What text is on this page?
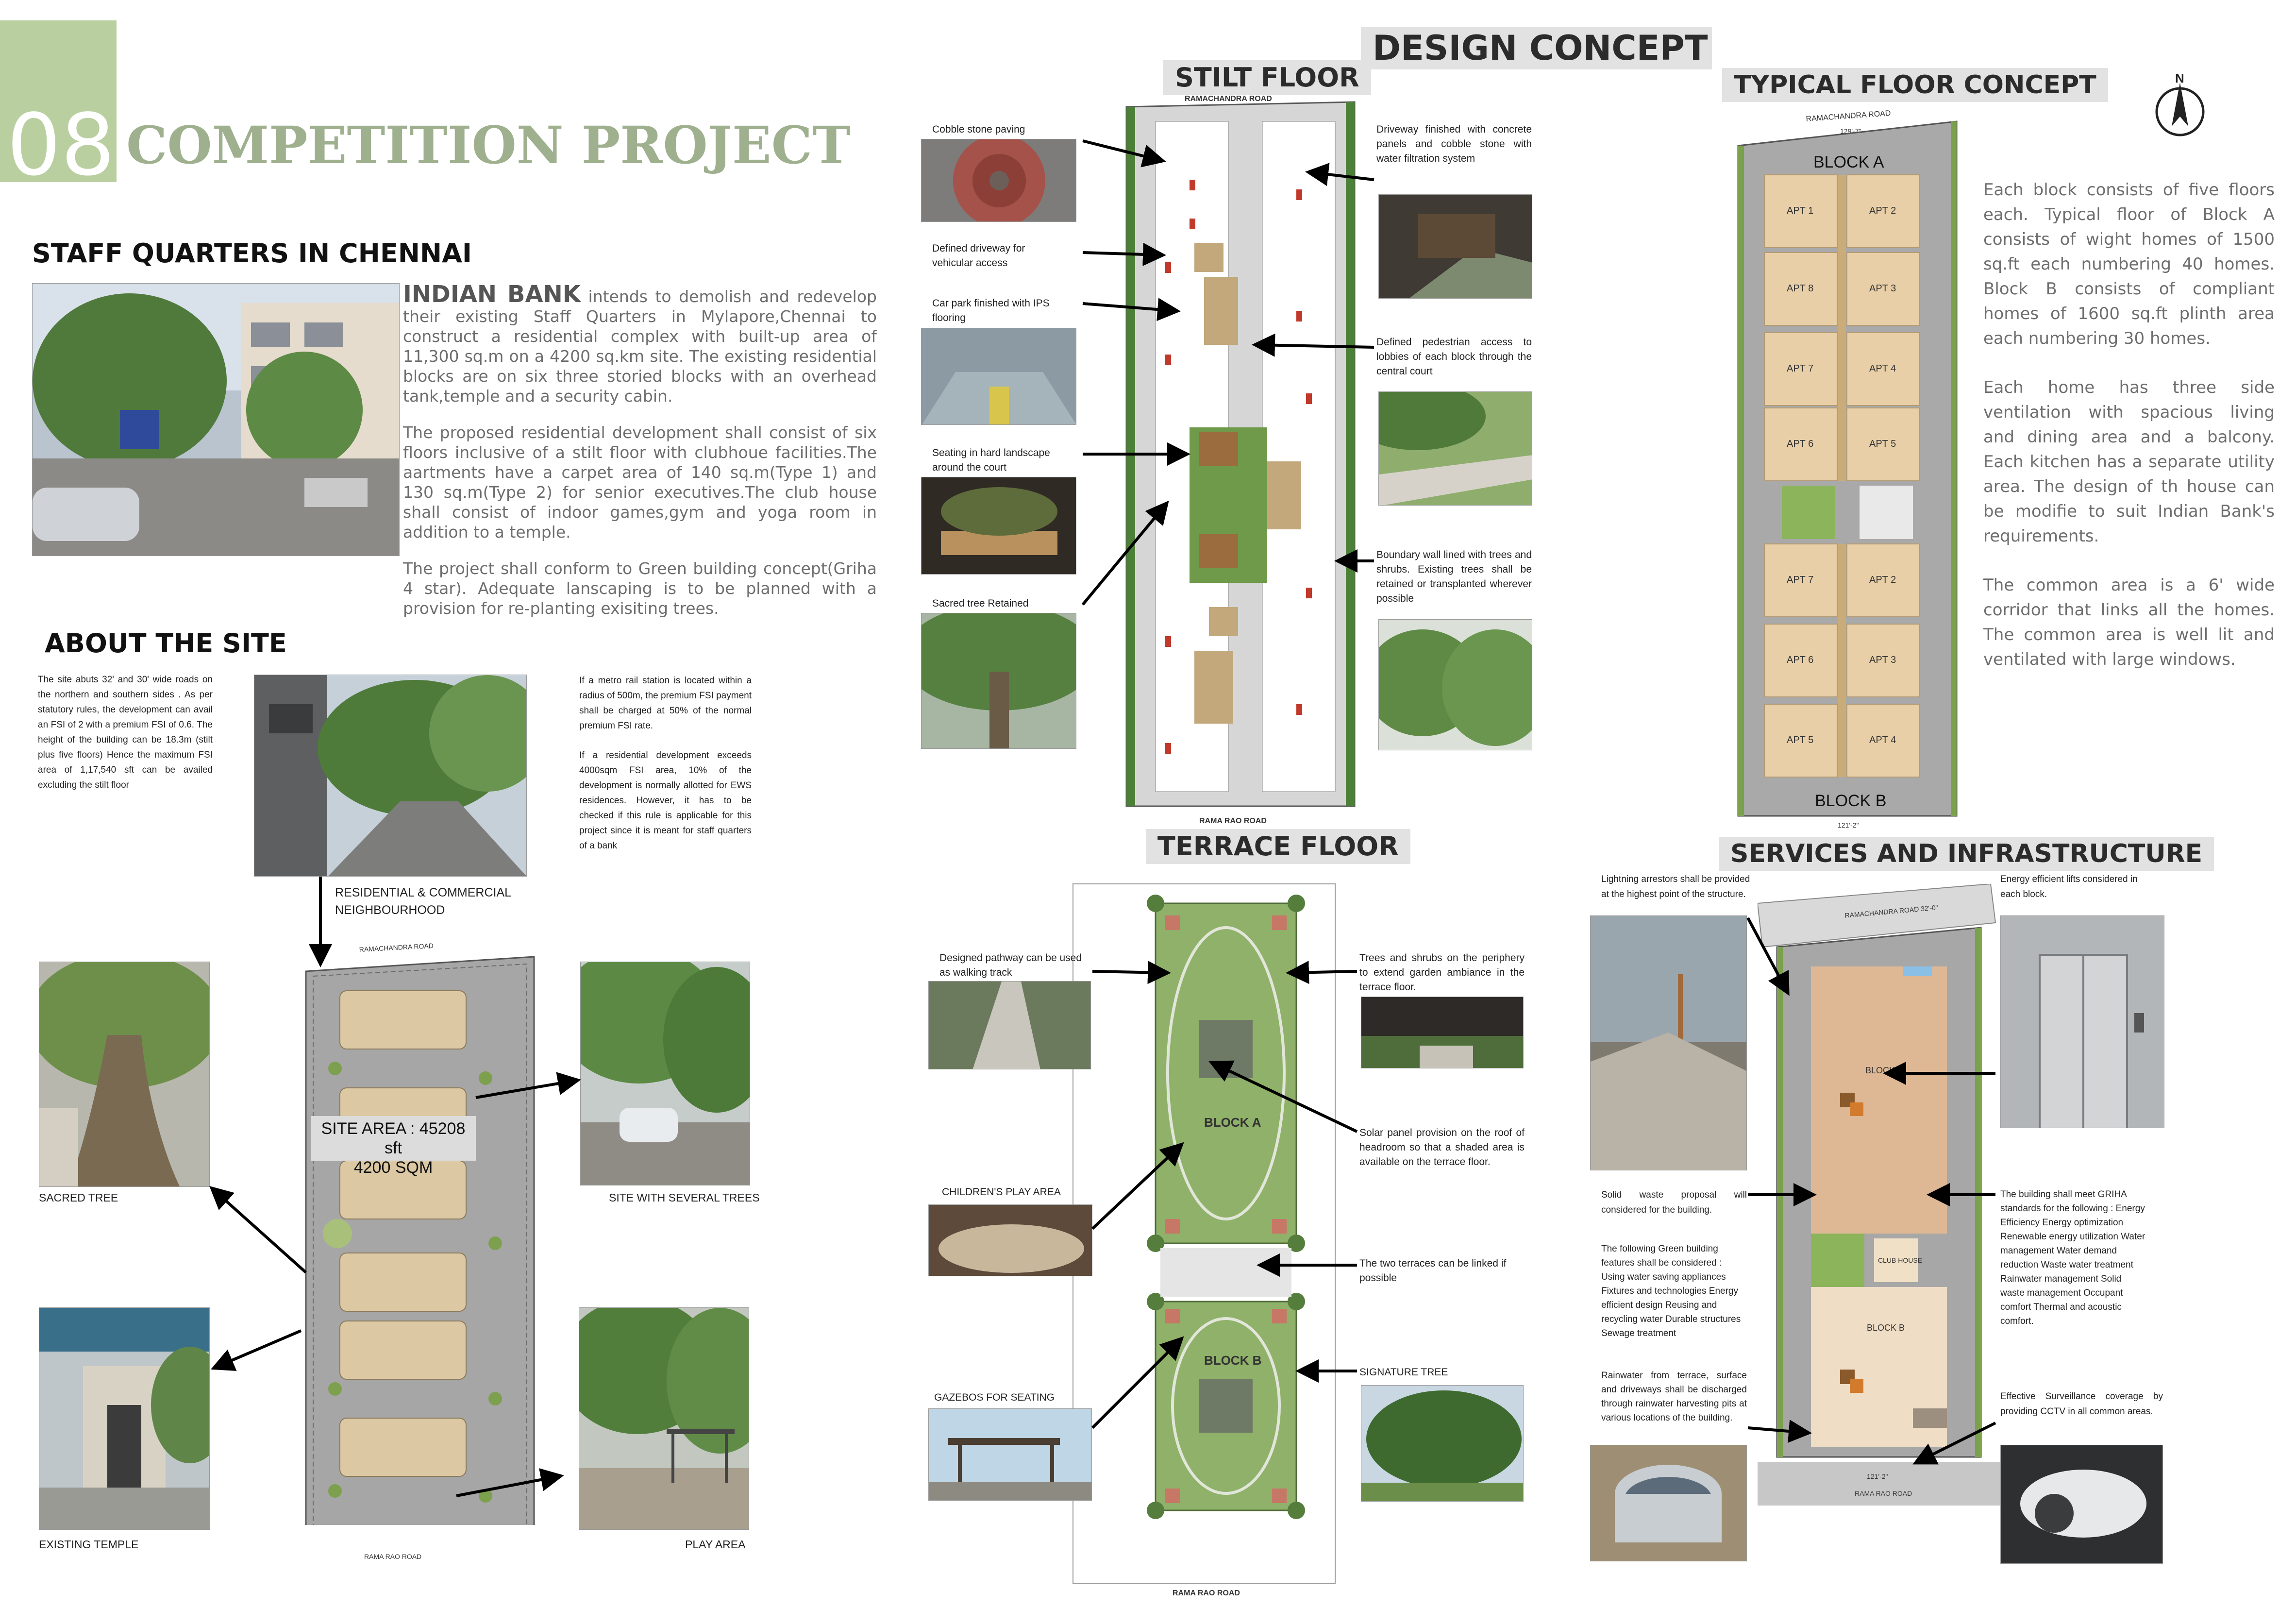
08 COMPETITION PROJECT
STAFF QUARTERS IN CHENNAI

INDIAN BANK intends to demolish and redevelop their existing Staff Quarters in Mylapore,Chennai to construct a residential complex with built-up area of 11,300 sq.m on a 4200 sq.km site. The existing residential blocks are on six three storied blocks with an overhead tank,temple and a security cabin.

The proposed residential development shall consist of six floors inclusive of a stilt floor with clubhoue facilities.The aartments have a carpet area of 140 sq.m(Type 1) and 130 sq.m(Type 2) for senior executives.The club house shall consist of indoor games,gym and yoga room in addition to a temple.

The project shall conform to Green building concept(Griha 4 star). Adequate lanscaping is to be planned with a provision for re-planting exisiting trees.

ABOUT THE SITE
The site abuts 32' and 30' wide roads on the northern and southern sides . As per statutory rules, the development can avail an FSI of 2 with a premium FSI of 0.6. The height of the building can be 18.3m (stilt plus five floors) Hence the maximum FSI area of 1,17,540 sft can be availed excluding the stilt floor

If a metro rail station is located within a radius of 500m, the premium FSI payment shall be charged at 50% of the normal premium FSI rate.

If a residential development exceeds 4000sqm FSI area, 10% of the development is normally allotted for EWS residences. However, it has to be checked if this rule is applicable for this project since it is meant for staff quarters of a bank

RESIDENTIAL & COMMERCIAL NEIGHBOURHOOD
SACRED TREE
EXISTING TEMPLE
SITE WITH SEVERAL TREES
PLAY AREA
RAMACHANDRA ROAD
RAMA RAO ROAD
SITE AREA : 45208 sft
4200 SQM
DESIGN CONCEPT
STILT FLOOR
RAMACHANDRA ROAD
RAMA RAO ROAD
Cobble stone paving
Defined driveway for vehicular access
Car park finished with IPS flooring
Seating in hard landscape around the court
Sacred tree Retained
Driveway finished with concrete panels and cobble stone with water filtration system
Defined pedestrian access to lobbies of each block through the central court
Boundary wall lined with trees and shrubs. Existing trees shall be retained or transplanted wherever possible
TERRACE FLOOR
BLOCK A
BLOCK B
RAMA RAO ROAD
Designed pathway can be used as walking track
CHILDREN'S PLAY AREA
GAZEBOS FOR SEATING
Trees and shrubs on the periphery to extend garden ambiance in the terrace floor.
Solar panel provision on the roof of headroom so that a shaded area is available on the terrace floor.
The two terraces can be linked if possible
SIGNATURE TREE
TYPICAL FLOOR CONCEPT	N
RAMACHANDRA ROAD
129'-7"
BLOCK A
BLOCK B
APT 1	APT 2
APT 8	APT 3
APT 7	APT 4
APT 6	APT 5
APT 7	APT 2
APT 6	APT 3
APT 5	APT 4
121'-2"

Each block consists of five floors each. Typical floor of Block A consists of wight homes of 1500 sq.ft each numbering 40 homes. Block B consists of compliant homes of 1600 sq.ft plinth area each numbering 30 homes.

Each home has three side ventilation with spacious living and dining area and a balcony. Each kitchen has a separate utility area. The design of th house can be modifie to suit Indian Bank's requirements.

The common area is a 6' wide corridor that links all the homes. The common area is well lit and ventilated with large windows.

SERVICES AND INFRASTRUCTURE
Lightning arrestors shall be provided at the highest point of the structure.
Energy efficient lifts considered in each block.
RAMACHANDRA ROAD 32'-0"
BLOCK A
BLOCK B
CLUB HOUSE
121'-2"
RAMA RAO ROAD
Solid waste proposal will considered for the building.
The following Green building features shall be considered : Using water saving appliances Fixtures and technologies Energy efficient design Reusing and recycling water Durable structures Sewage treatment
Rainwater from terrace, surface and driveways shall be discharged through rainwater harvesting pits at various locations of the building.
The building shall meet GRIHA standards for the following : Energy Efficiency Energy optimization Renewable energy utilization Water management Water demand reduction Waste water treatment Rainwater management Solid waste management Occupant comfort Thermal and acoustic comfort.
Effective Surveillance coverage by providing CCTV in all common areas.
